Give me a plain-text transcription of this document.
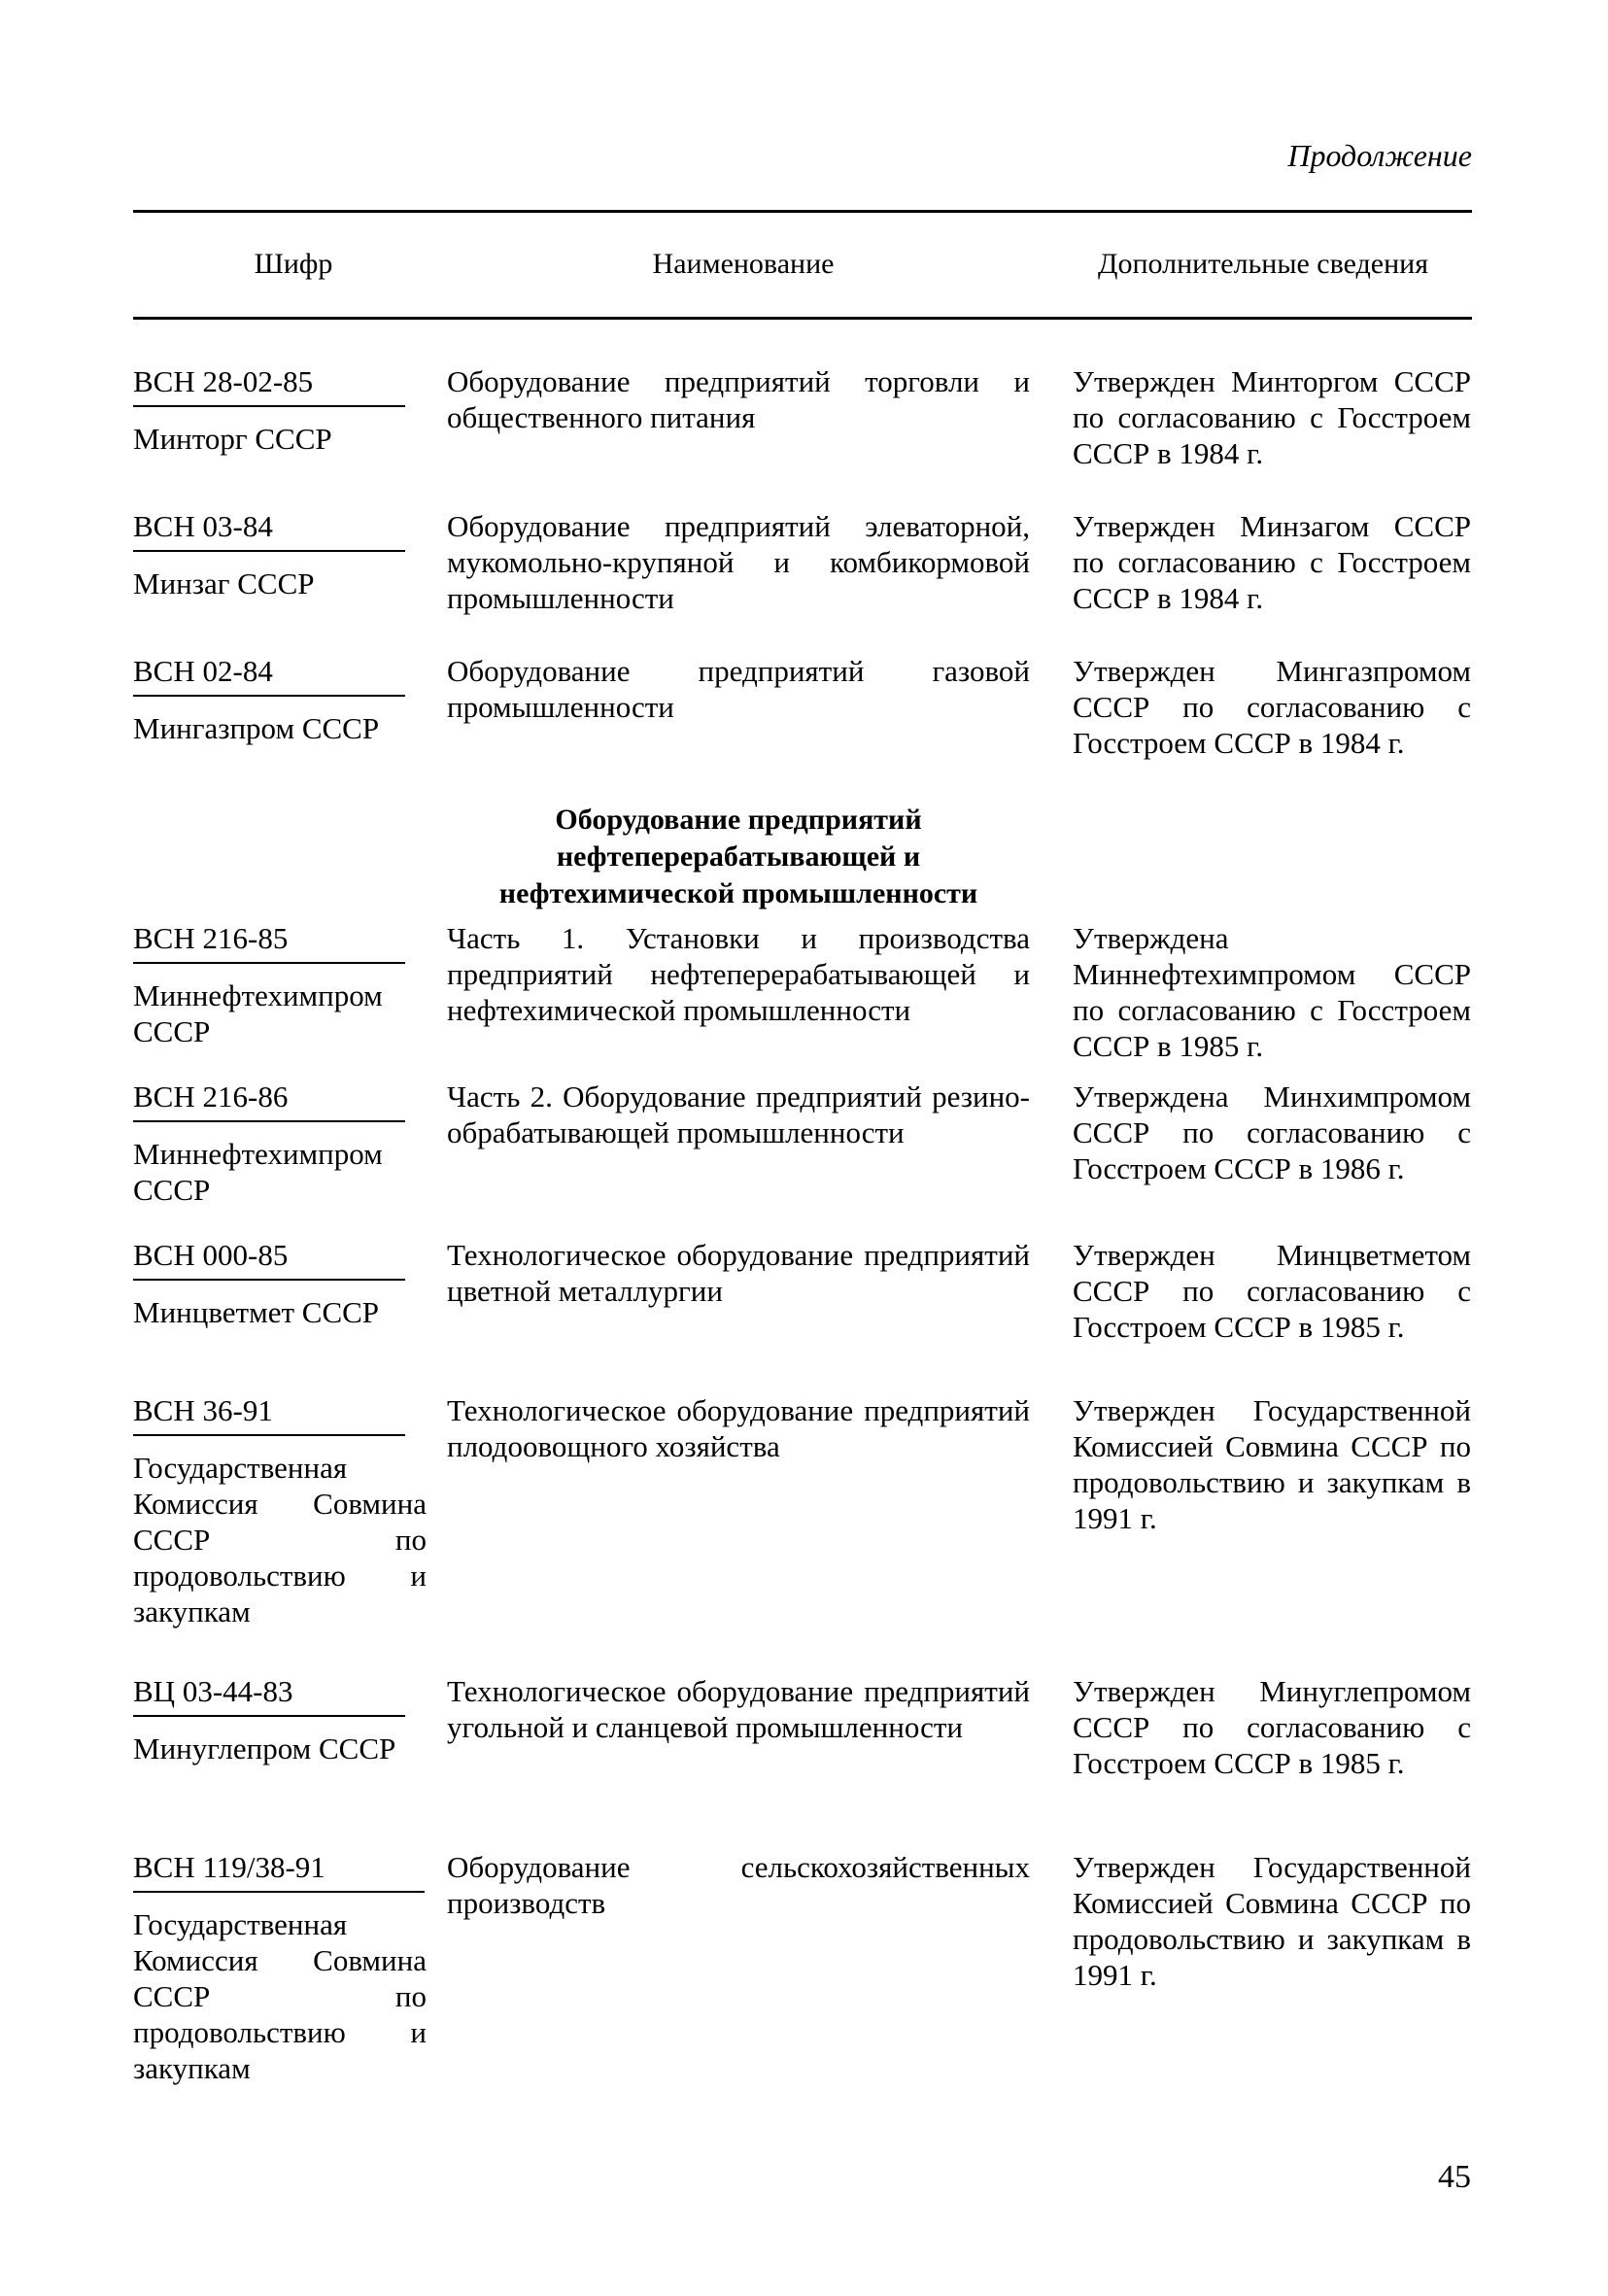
Продолжение
Шифр	Наименование	Дополнительные сведения
ВСН 28-02-85
Минторг СССР
Оборудование предприятий торговли и общественного питания
Утвержден Минторгом СССР по согласованию с Госстроем СССР в 1984 г.
ВСН 03-84
Минзаг СССР
Оборудование предприятий элеваторной, мукомольно-крупяной и комбикормовой промышленности
Утвержден Минзагом СССР по согласованию с Госстроем СССР в 1984 г.
ВСН 02-84
Мингазпром СССР
Оборудование предприятий газовой промышленности
Утвержден Мингазпромом СССР по согласованию с Госстроем СССР в 1984 г.
Оборудование предприятий нефтеперерабатывающей и нефтехимической промышленности
ВСН 216-85
Миннефтехимпром СССР
Часть 1. Установки и производства предприятий нефтеперерабатывающей и нефтехимической промышленности
Утверждена Миннефтехимпромом СССР по согласованию с Госстроем СССР в 1985 г.
ВСН 216-86
Миннефтехимпром СССР
Часть 2. Оборудование предприятий резино-обрабатывающей промышленности
Утверждена Минхимпромом СССР по согласованию с Госстроем СССР в 1986 г.
ВСН 000-85
Минцветмет СССР
Технологическое оборудование предприятий цветной металлургии
Утвержден Минцветметом СССР по согласованию с Госстроем СССР в 1985 г.
ВСН 36-91
Государственная Комиссия Совмина СССР по продовольствию и закупкам
Технологическое оборудование предприятий плодоовощного хозяйства
Утвержден Государственной Комиссией Совмина СССР по продовольствию и закупкам в 1991 г.
ВЦ 03-44-83
Минуглепром СССР
Технологическое оборудование предприятий угольной и сланцевой промышленности
Утвержден Минуглепромом СССР по согласованию с Госстроем СССР в 1985 г.
ВСН 119/38-91
Государственная Комиссия Совмина СССР по продовольствию и закупкам
Оборудование сельскохозяйственных производств
Утвержден Государственной Комиссией Совмина СССР по продовольствию и закупкам в 1991 г.
45
